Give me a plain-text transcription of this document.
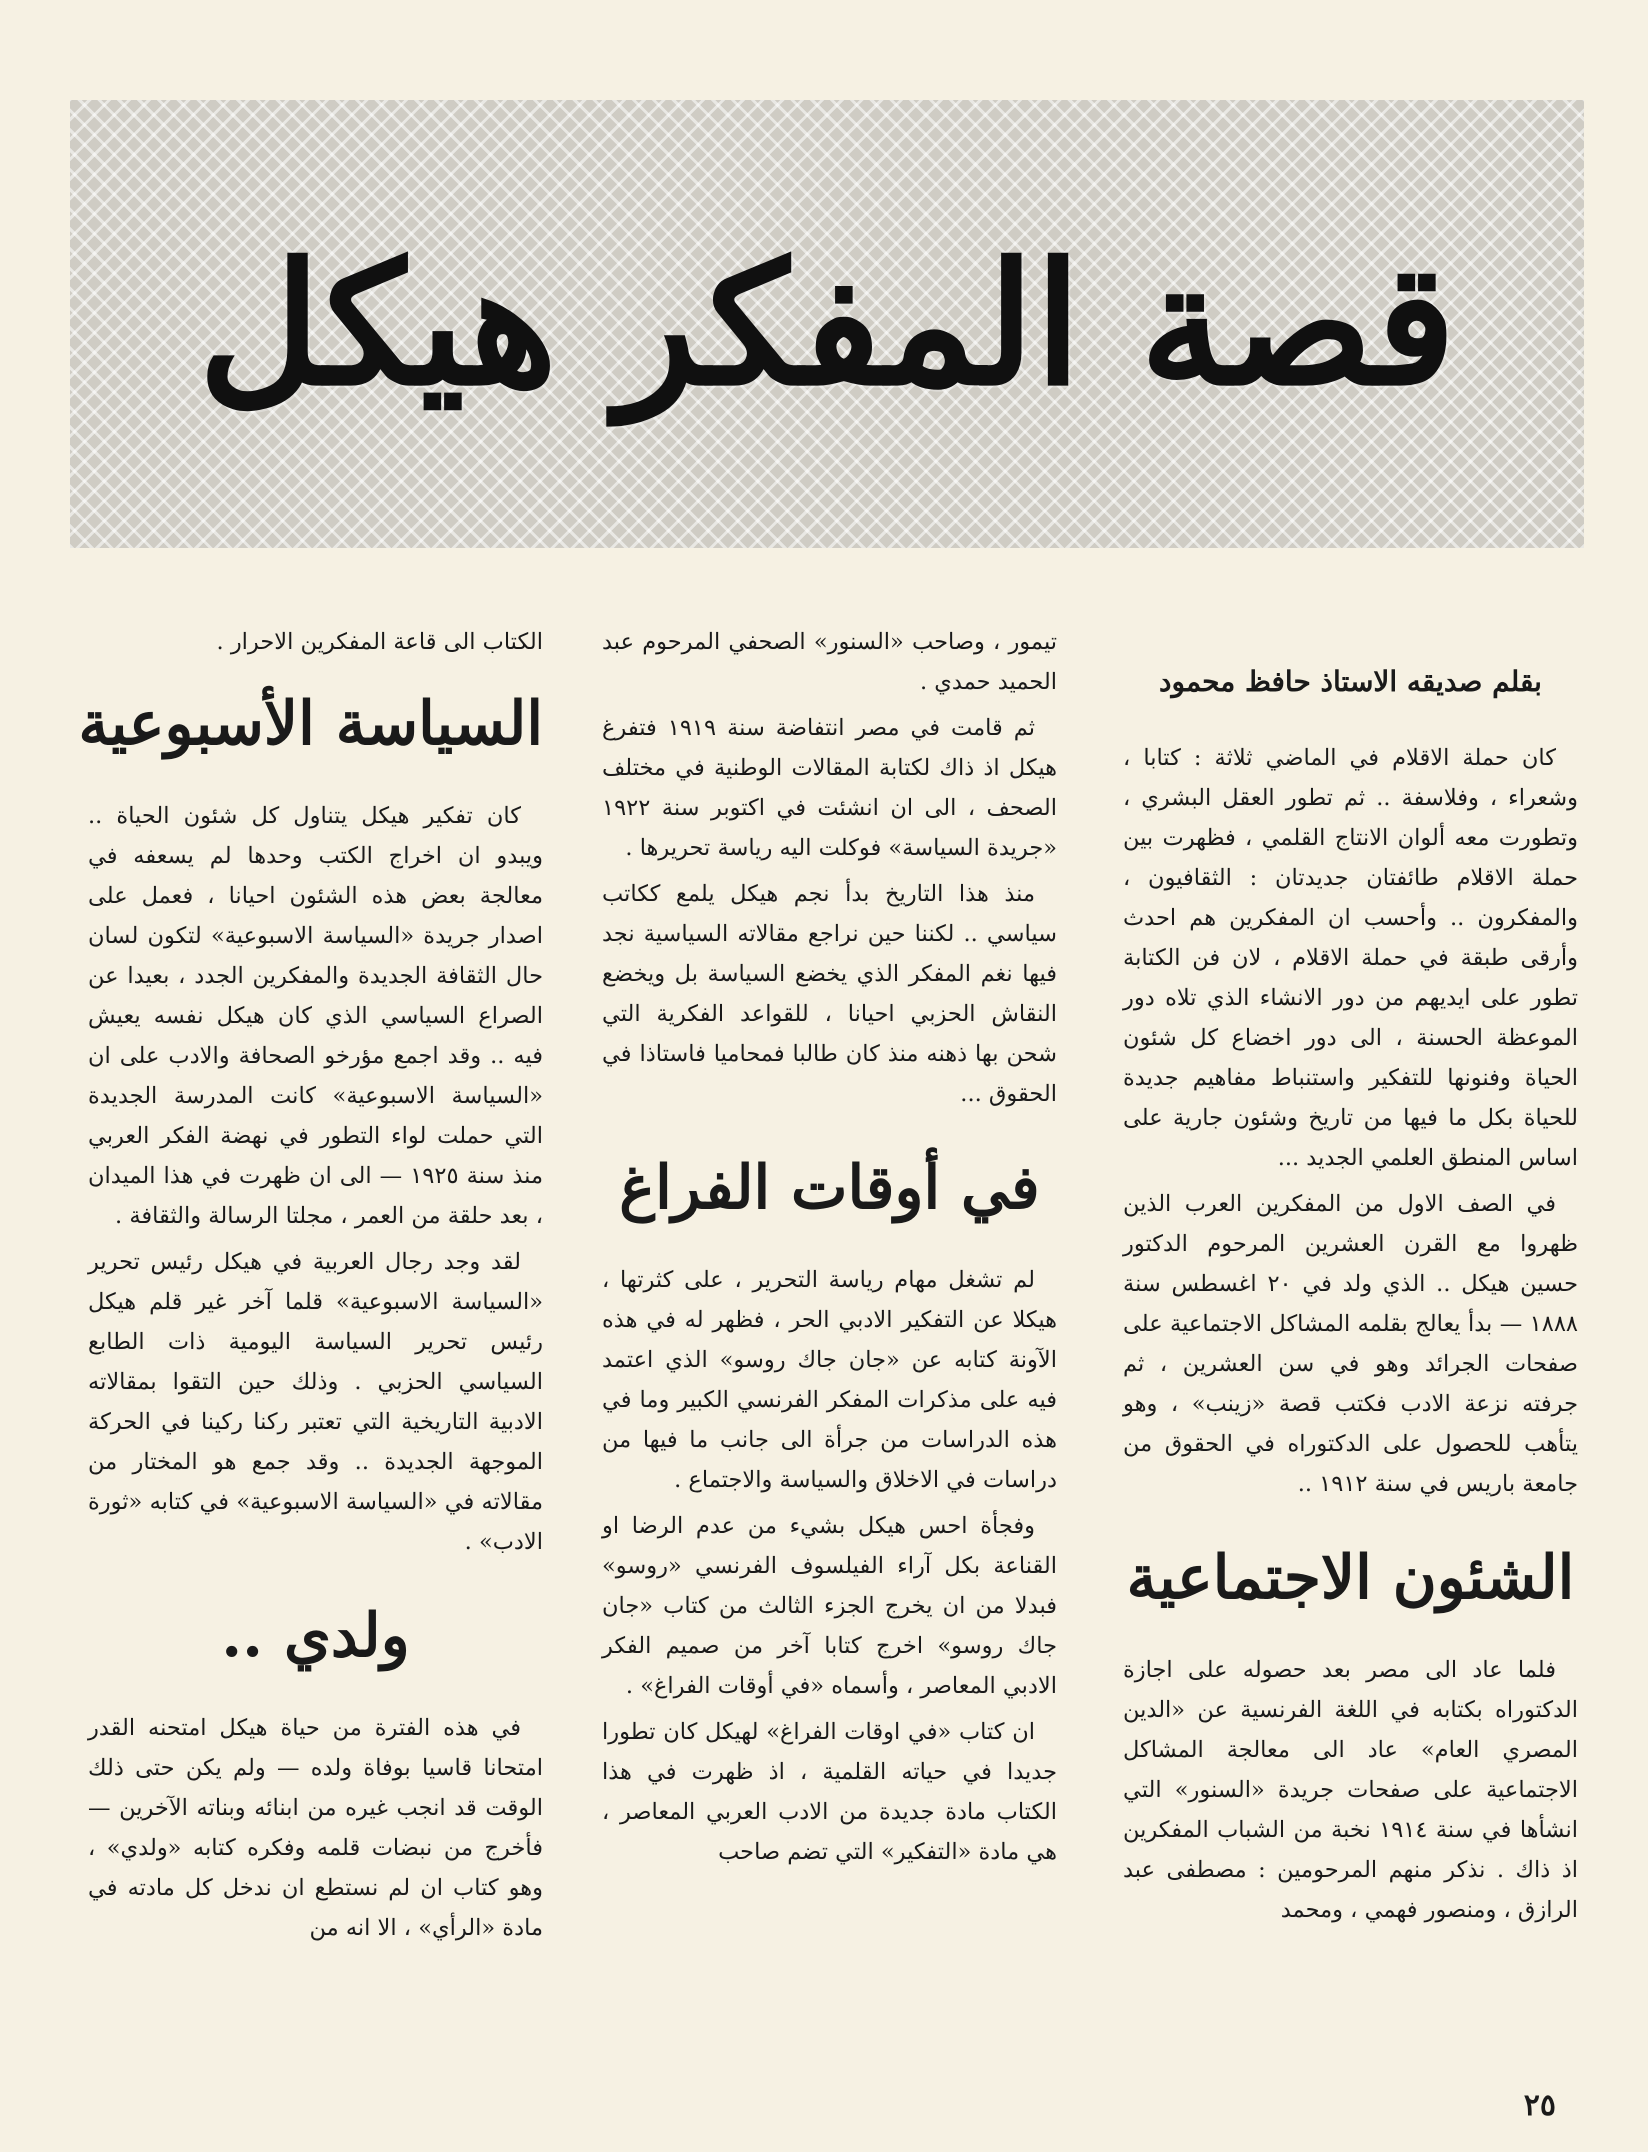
قصة المفكر هيكل
بقلم صديقه الاستاذ حافظ محمود

كان حملة الاقلام في الماضي ثلاثة : كتابا ، وشعراء ، وفلاسفة .. ثم تطور العقل البشري ، وتطورت معه ألوان الانتاج القلمي ، فظهرت بين حملة الاقلام طائفتان جديدتان : الثقافيون ، والمفكرون .. وأحسب ان المفكرين هم احدث وأرقى طبقة في حملة الاقلام ، لان فن الكتابة تطور على ايديهم من دور الانشاء الذي تلاه دور الموعظة الحسنة ، الى دور اخضاع كل شئون الحياة وفنونها للتفكير واستنباط مفاهيم جديدة للحياة بكل ما فيها من تاريخ وشئون جارية على اساس المنطق العلمي الجديد ...

في الصف الاول من المفكرين العرب الذين ظهروا مع القرن العشرين المرحوم الدكتور حسين هيكل .. الذي ولد في ٢٠ اغسطس سنة ١٨٨٨ — بدأ يعالج بقلمه المشاكل الاجتماعية على صفحات الجرائد وهو في سن العشرين ، ثم جرفته نزعة الادب فكتب قصة «زينب» ، وهو يتأهب للحصول على الدكتوراه في الحقوق من جامعة باريس في سنة ١٩١٢ ..

الشئون الاجتماعية

فلما عاد الى مصر بعد حصوله على اجازة الدكتوراه بكتابه في اللغة الفرنسية عن «الدين المصري العام» عاد الى معالجة المشاكل الاجتماعية على صفحات جريدة «السنور» التي انشأها في سنة ١٩١٤ نخبة من الشباب المفكرين اذ ذاك . نذكر منهم المرحومين : مصطفى عبد الرازق ، ومنصور فهمي ، ومحمد

تيمور ، وصاحب «السنور» الصحفي المرحوم عبد الحميد حمدي .

ثم قامت في مصر انتفاضة سنة ١٩١٩ فتفرغ هيكل اذ ذاك لكتابة المقالات الوطنية في مختلف الصحف ، الى ان انشئت في اكتوبر سنة ١٩٢٢ «جريدة السياسة» فوكلت اليه رياسة تحريرها .

منذ هذا التاريخ بدأ نجم هيكل يلمع ككاتب سياسي .. لكننا حين نراجع مقالاته السياسية نجد فيها نغم المفكر الذي يخضع السياسة بل ويخضع النقاش الحزبي احيانا ، للقواعد الفكرية التي شحن بها ذهنه منذ كان طالبا فمحاميا فاستاذا في الحقوق ...

في أوقات الفراغ

لم تشغل مهام رياسة التحرير ، على كثرتها ، هيكلا عن التفكير الادبي الحر ، فظهر له في هذه الآونة كتابه عن «جان جاك روسو» الذي اعتمد فيه على مذكرات المفكر الفرنسي الكبير وما في هذه الدراسات من جرأة الى جانب ما فيها من دراسات في الاخلاق والسياسة والاجتماع .

وفجأة احس هيكل بشيء من عدم الرضا او القناعة بكل آراء الفيلسوف الفرنسي «روسو» فبدلا من ان يخرج الجزء الثالث من كتاب «جان جاك روسو» اخرج كتابا آخر من صميم الفكر الادبي المعاصر ، وأسماه «في أوقات الفراغ» .

ان كتاب «في اوقات الفراغ» لهيكل كان تطورا جديدا في حياته القلمية ، اذ ظهرت في هذا الكتاب مادة جديدة من الادب العربي المعاصر ، هي مادة «التفكير» التي تضم صاحب

الكتاب الى قاعة المفكرين الاحرار .

السياسة الأسبوعية

كان تفكير هيكل يتناول كل شئون الحياة .. ويبدو ان اخراج الكتب وحدها لم يسعفه في معالجة بعض هذه الشئون احيانا ، فعمل على اصدار جريدة «السياسة الاسبوعية» لتكون لسان حال الثقافة الجديدة والمفكرين الجدد ، بعيدا عن الصراع السياسي الذي كان هيكل نفسه يعيش فيه .. وقد اجمع مؤرخو الصحافة والادب على ان «السياسة الاسبوعية» كانت المدرسة الجديدة التي حملت لواء التطور في نهضة الفكر العربي منذ سنة ١٩٢٥ — الى ان ظهرت في هذا الميدان ، بعد حلقة من العمر ، مجلتا الرسالة والثقافة .

لقد وجد رجال العربية في هيكل رئيس تحرير «السياسة الاسبوعية» قلما آخر غير قلم هيكل رئيس تحرير السياسة اليومية ذات الطابع السياسي الحزبي . وذلك حين التقوا بمقالاته الادبية التاريخية التي تعتبر ركنا ركينا في الحركة الموجهة الجديدة .. وقد جمع هو المختار من مقالاته في «السياسة الاسبوعية» في كتابه «ثورة الادب» .

ولدي ..

في هذه الفترة من حياة هيكل امتحنه القدر امتحانا قاسيا بوفاة ولده — ولم يكن حتى ذلك الوقت قد انجب غيره من ابنائه وبناته الآخرين — فأخرج من نبضات قلمه وفكره كتابه «ولدي» ، وهو كتاب ان لم نستطع ان ندخل كل مادته في مادة «الرأي» ، الا انه من

٢٥
